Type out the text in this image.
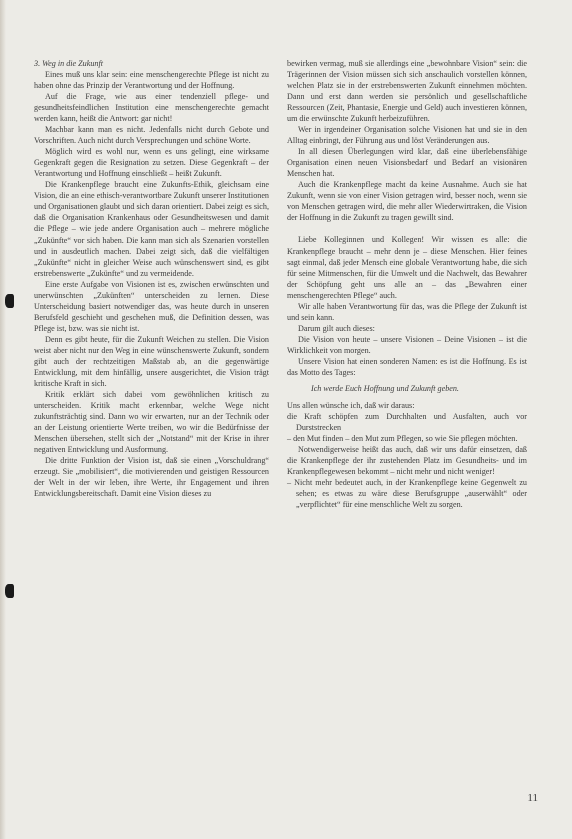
3. Weg in die Zukunft

Eines muß uns klar sein: eine menschengerechte Pflege ist nicht zu haben ohne das Prinzip der Verantwortung und der Hoffnung.

Auf die Frage, wie aus einer tendenziell pflege- und gesundheitsfeindlichen Institution eine menschengerechte gemacht werden kann, heißt die Antwort: gar nicht!

Machbar kann man es nicht. Jedenfalls nicht durch Gebote und Vorschriften. Auch nicht durch Versprechungen und schöne Worte.

Möglich wird es wohl nur, wenn es uns gelingt, eine wirksame Gegenkraft gegen die Resignation zu setzen. Diese Gegenkraft – der Verantwortung und Hoffnung einschließt – heißt Zukunft.

Die Krankenpflege braucht eine Zukunfts-Ethik, gleichsam eine Vision, die an eine ethisch-verantwortbare Zukunft unserer Institutionen und Organisationen glaubt und sich daran orientiert. Dabei zeigt es sich, daß die Organisation Krankenhaus oder Gesundheitswesen und damit die Pflege – wie jede andere Organisation auch – mehrere mögliche „Zukünfte“ vor sich haben. Die kann man sich als Szenarien vorstellen und in ausdeutlich machen. Dabei zeigt sich, daß die vielfältigen „Zukünfte“ nicht in gleicher Weise auch wünschenswert sind, es gibt erstrebenswerte „Zukünfte“ und zu vermeidende.

Eine erste Aufgabe von Visionen ist es, zwischen erwünschten und unerwünschten „Zukünften“ unterscheiden zu lernen. Diese Unterscheidung basiert notwendiger das, was heute durch in unseren Berufsfeld geschieht und geschehen muß, die Definition dessen, was Pflege ist, bzw. was sie nicht ist.

Denn es gibt heute, für die Zukunft Weichen zu stellen. Die Vision weist aber nicht nur den Weg in eine wünschenswerte Zukunft, sondern gibt auch der rechtzeitigen Maßstab ab, an die gegenwärtige Entwicklung, mit dem hinfällig, unsere ausgerichtet, die Vision trägt kritische Kraft in sich.

Kritik erklärt sich dabei vom gewöhnlichen kritisch zu unterscheiden. Kritik macht erkennbar, welche Wege nicht zukunftsträchtig sind. Dann wo wir erwarten, nur an der Technik oder an der Leistung orientierte Werte treiben, wo wir die Bedürfnisse der Menschen übersehen, stellt sich der „Notstand“ mit der Krise in ihrer negativen Entwicklung und Ausformung.

Die dritte Funktion der Vision ist, daß sie einen „Vorschuldrang“ erzeugt. Sie „mobilisiert“, die motivierenden und geistigen Ressourcen der Welt in der wir leben, ihre Werte, ihr Engagement und ihren Entwicklungsbereitschaft. Damit eine Vision dieses zu

bewirken vermag, muß sie allerdings eine „bewohnbare Vision“ sein: die Trägerinnen der Vision müssen sich sich anschaulich vorstellen können, welchen Platz sie in der erstrebenswerten Zukunft einnehmen möchten. Dann und erst dann werden sie persönlich und gesellschaftliche Ressourcen (Zeit, Phantasie, Energie und Geld) auch investieren können, um die erwünschte Zukunft herbeizuführen.

Wer in irgendeiner Organisation solche Visionen hat und sie in den Alltag einbringt, der Führung aus und löst Veränderungen aus.

In all diesen Überlegungen wird klar, daß eine überlebensfähige Organisation einen neuen Visionsbedarf und Bedarf an visionären Menschen hat.

Auch die Krankenpflege macht da keine Ausnahme. Auch sie hat Zukunft, wenn sie von einer Vision getragen wird, besser noch, wenn sie von Menschen getragen wird, die mehr aller Wiederwirtraken, die Vision der Hoffnung in die Zukunft zu tragen gewillt sind.

Liebe Kolleginnen und Kollegen! Wir wissen es alle: die Krankenpflege braucht – mehr denn je – diese Menschen. Hier feines sagt einmal, daß jeder Mensch eine globale Verantwortung habe, die sich für seine Mitmenschen, für die Umwelt und die Nachwelt, das Bewahrer der Schöpfung geht uns alle an – das „Bewahren einer menschengerechten Pflege“ auch.

Wir alle haben Verantwortung für das, was die Pflege der Zukunft ist und sein kann.

Darum gilt auch dieses:

Die Vision von heute – unsere Visionen – Deine Visionen – ist die Wirklichkeit von morgen.

Unsere Vision hat einen sonderen Namen: es ist die Hoffnung. Es ist das Motto des Tages:

Ich werde Euch Hoffnung und Zukunft geben.

Uns allen wünsche ich, daß wir daraus:

die Kraft schöpfen zum Durchhalten und Ausfalten, auch vor Durststrecken

– den Mut finden – den Mut zum Pflegen, so wie Sie pflegen möchten.

Notwendigerweise heißt das auch, daß wir uns dafür einsetzen, daß die Krankenpflege der ihr zustehenden Platz im Gesundheits- und im Krankenpflegewesen bekommt – nicht mehr und nicht weniger!

– Nicht mehr bedeutet auch, in der Krankenpflege keine Gegenwelt zu sehen; es etwas zu wäre diese Berufsgruppe „auserwählt“ oder „verpflichtet“ für eine menschliche Welt zu sorgen.

11
